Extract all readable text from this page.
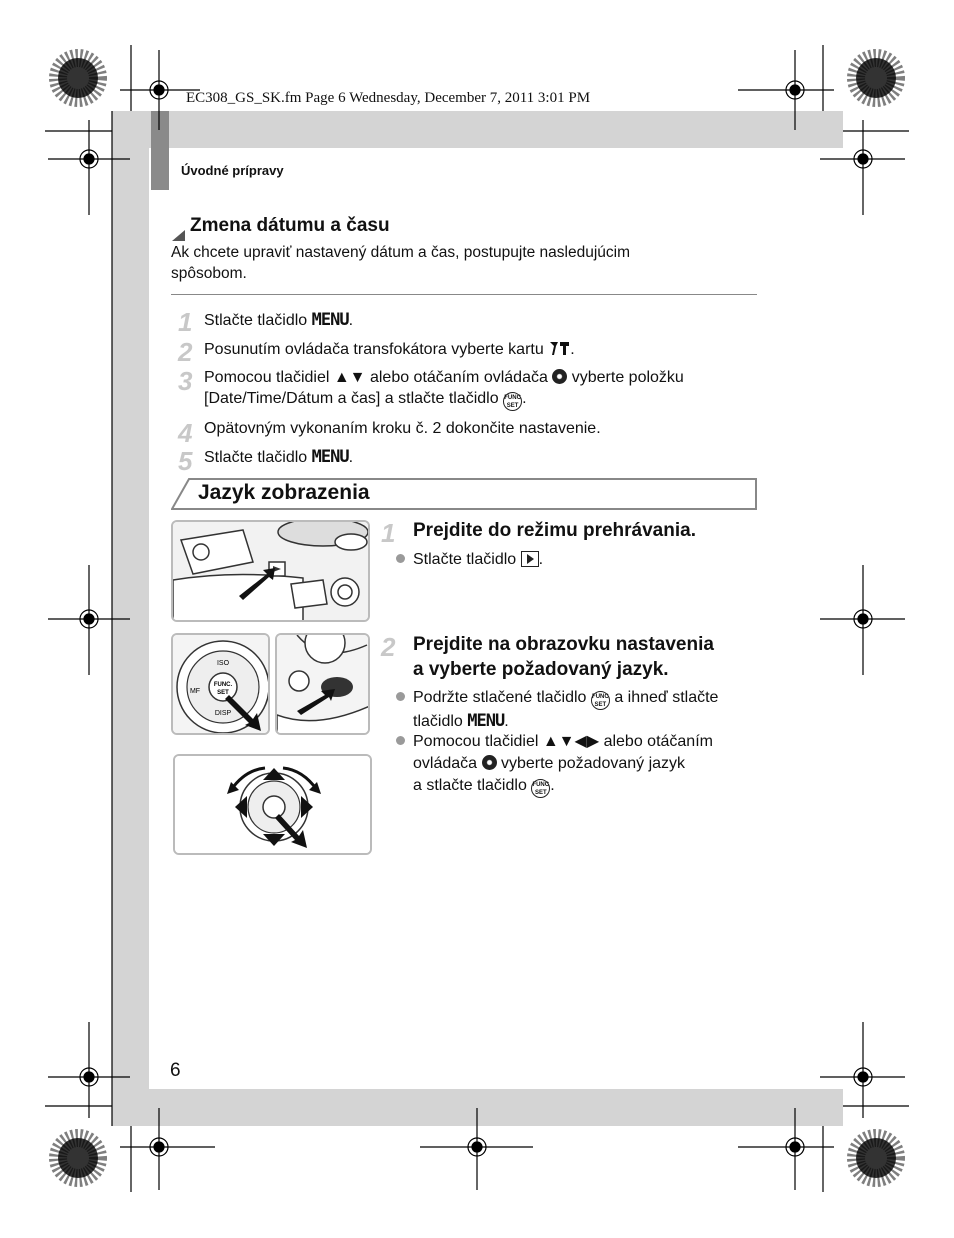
EC308_GS_SK.fm Page 6 Wednesday, December 7, 2011 3:01 PM
Úvodné prípravy
Zmena dátumu a času
Ak chcete upraviť nastavený dátum a čas, postupujte nasledujúcim
spôsobom.
1 Stlačte tlačidlo MENU.
2 Posunutím ovládača transfokátora vyberte kartu .
3 Pomocou tlačidiel ▲▼ alebo otáčaním ovládača  vyberte položku
[Date/Time/Dátum a čas] a stlačte tlačidlo FUNC
SET .
4 Opätovným vykonaním kroku č. 2 dokončite nastavenie.
5 Stlačte tlačidlo MENU.
Jazyk zobrazenia
ISO
DISP
MF
FUNC.
SET
1 Prejdite do režimu prehrávania.
Stlačte tlačidlo .
2 Prejdite na obrazovku nastavenia
a vyberte požadovaný jazyk.
Podržte stlačené tlačidlo FUNC
SET a ihneď stlačte
tlačidlo MENU.
Pomocou tlačidiel ▲▼◀▶ alebo otáčaním
ovládača  vyberte požadovaný jazyk
a stlačte tlačidlo FUNC
SET .
6
